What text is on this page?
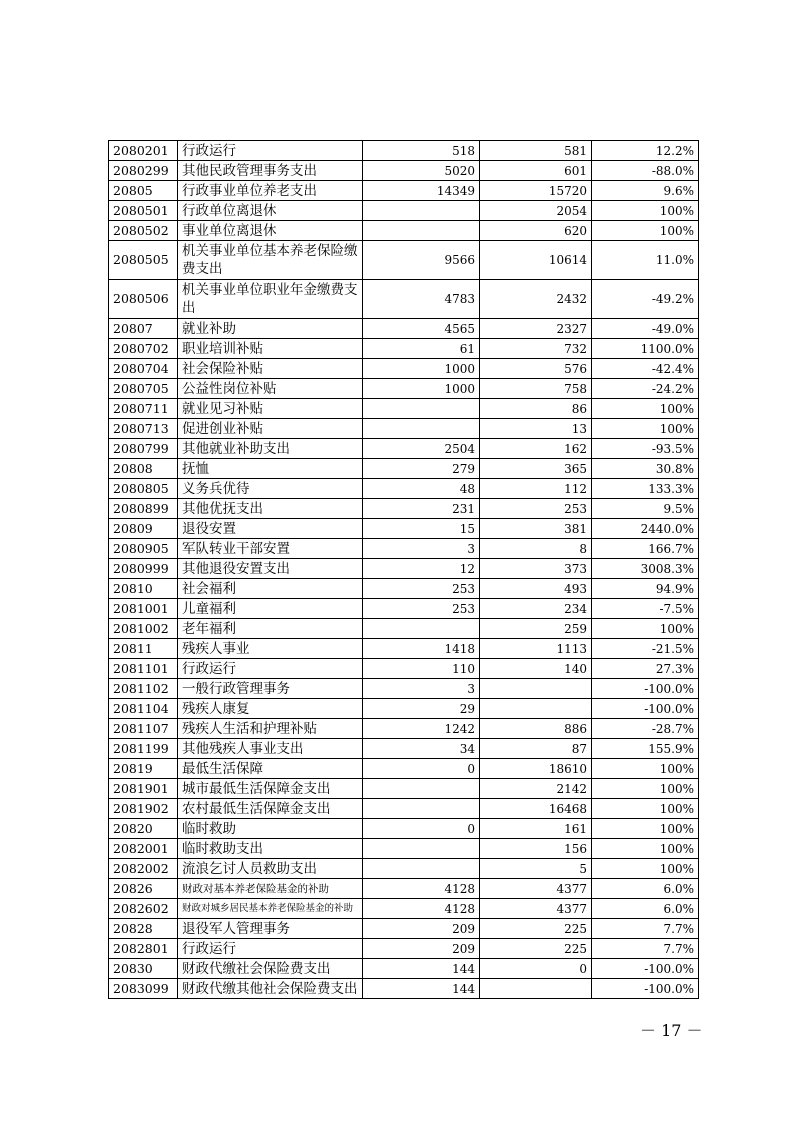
2080201	行政运行	518	581	12.2%
2080299	其他民政管理事务支出	5020	601	-88.0%
20805	行政事业单位养老支出	14349	15720	9.6%
2080501	行政单位离退休		2054	100%
2080502	事业单位离退休		620	100%
2080505	机关事业单位基本养老保险缴费支出	9566	10614	11.0%
2080506	机关事业单位职业年金缴费支出	4783	2432	-49.2%
20807	就业补助	4565	2327	-49.0%
2080702	职业培训补贴	61	732	1100.0%
2080704	社会保险补贴	1000	576	-42.4%
2080705	公益性岗位补贴	1000	758	-24.2%
2080711	就业见习补贴		86	100%
2080713	促进创业补贴		13	100%
2080799	其他就业补助支出	2504	162	-93.5%
20808	抚恤	279	365	30.8%
2080805	义务兵优待	48	112	133.3%
2080899	其他优抚支出	231	253	9.5%
20809	退役安置	15	381	2440.0%
2080905	军队转业干部安置	3	8	166.7%
2080999	其他退役安置支出	12	373	3008.3%
20810	社会福利	253	493	94.9%
2081001	儿童福利	253	234	-7.5%
2081002	老年福利		259	100%
20811	残疾人事业	1418	1113	-21.5%
2081101	行政运行	110	140	27.3%
2081102	一般行政管理事务	3		-100.0%
2081104	残疾人康复	29		-100.0%
2081107	残疾人生活和护理补贴	1242	886	-28.7%
2081199	其他残疾人事业支出	34	87	155.9%
20819	最低生活保障	0	18610	100%
2081901	城市最低生活保障金支出		2142	100%
2081902	农村最低生活保障金支出		16468	100%
20820	临时救助	0	161	100%
2082001	临时救助支出		156	100%
2082002	流浪乞讨人员救助支出		5	100%
20826	财政对基本养老保险基金的补助	4128	4377	6.0%
2082602	财政对城乡居民基本养老保险基金的补助	4128	4377	6.0%
20828	退役军人管理事务	209	225	7.7%
2082801	行政运行	209	225	7.7%
20830	财政代缴社会保险费支出	144	0	-100.0%
2083099	财政代缴其他社会保险费支出	144		-100.0%
－ 17 －
